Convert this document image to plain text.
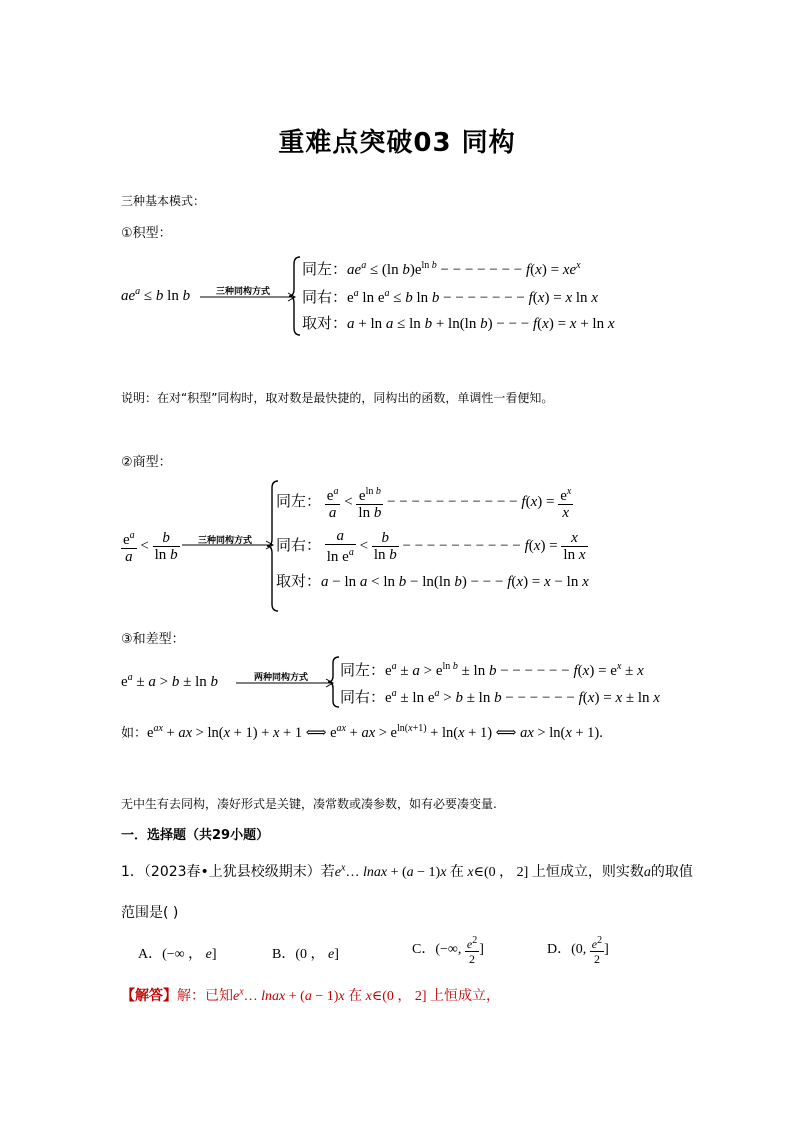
重难点突破03 同构
三种基本模式：
①积型：
$ae^a \le b$ ln b	三种同构方式
同左：$ae^a \le (\ln$ $b)e^{ln b}$ − − − − − − − $f(x) = xe^x$
同右：$e^a$ $\ln e^a \le b$ ln b − − − − − − − f(x) = x ln x
取对：a + ln a ≤ ln b + ln(ln b) − − − f(x) = x + ln x
说明：在对“积型”同构时，取对数是最快捷的，同构出的函数，单调性一看便知。
②商型：
$\frac{e^a}{a} < \frac{b}{\text{ln b}}$ 三种同构方式
同左： $\frac{e^a}{a} < \frac{e^{ln b}}{\text{ln b}}$ − − − − − − − − − − − $f(x) = \frac{e^x}{x}$
同右： $\frac{a}{\ln e^a} < \frac{b}{\text{ln b}}$ − − − − − − − − − − $f(x) = \frac{x}{\text{ln x}}$
取对：a − ln a < ln b − ln(ln b) − − − f(x) = x − ln x
③和差型：
$e^a \pm a > b \pm \ln b$	两种同构方式 同左：$e^a \pm a > e^{ln b} \pm \ln b$ − − − − − − $f(x) = e^x \pm x$
同右：$e^a \pm \ln e^a > b \pm \ln b$ − − − − − − f(x) = x ± ln x
如：$e^{ax}$ + ax > ln(x + 1) + x + 1 ⟺ $e^{ax}$ + ax > $e^{ln(x+1)} + \ln(x + 1)$ ⟺ ax > ln(x + 1).
无中生有去同构，凑好形式是关键，凑常数或凑参数，如有必要凑变量.
一．选择题（共29小题）
1．（2023春•上犹县校级期末）若$e^x\dots$ lnax + (a − 1)x 在 x∈(0 ， 2] 上恒成立，则实数a的取值
范围是( )
A．(−∞ ， e]	B．(0 ， e]	C．(−∞, $\frac{e^2}{2}$ ]	D．(0, $\frac{e^2}{2}$ ]
【解答】解：已知$e^x\dots$ lnax + (a − 1)x 在 x∈(0 ， 2] 上恒成立，
